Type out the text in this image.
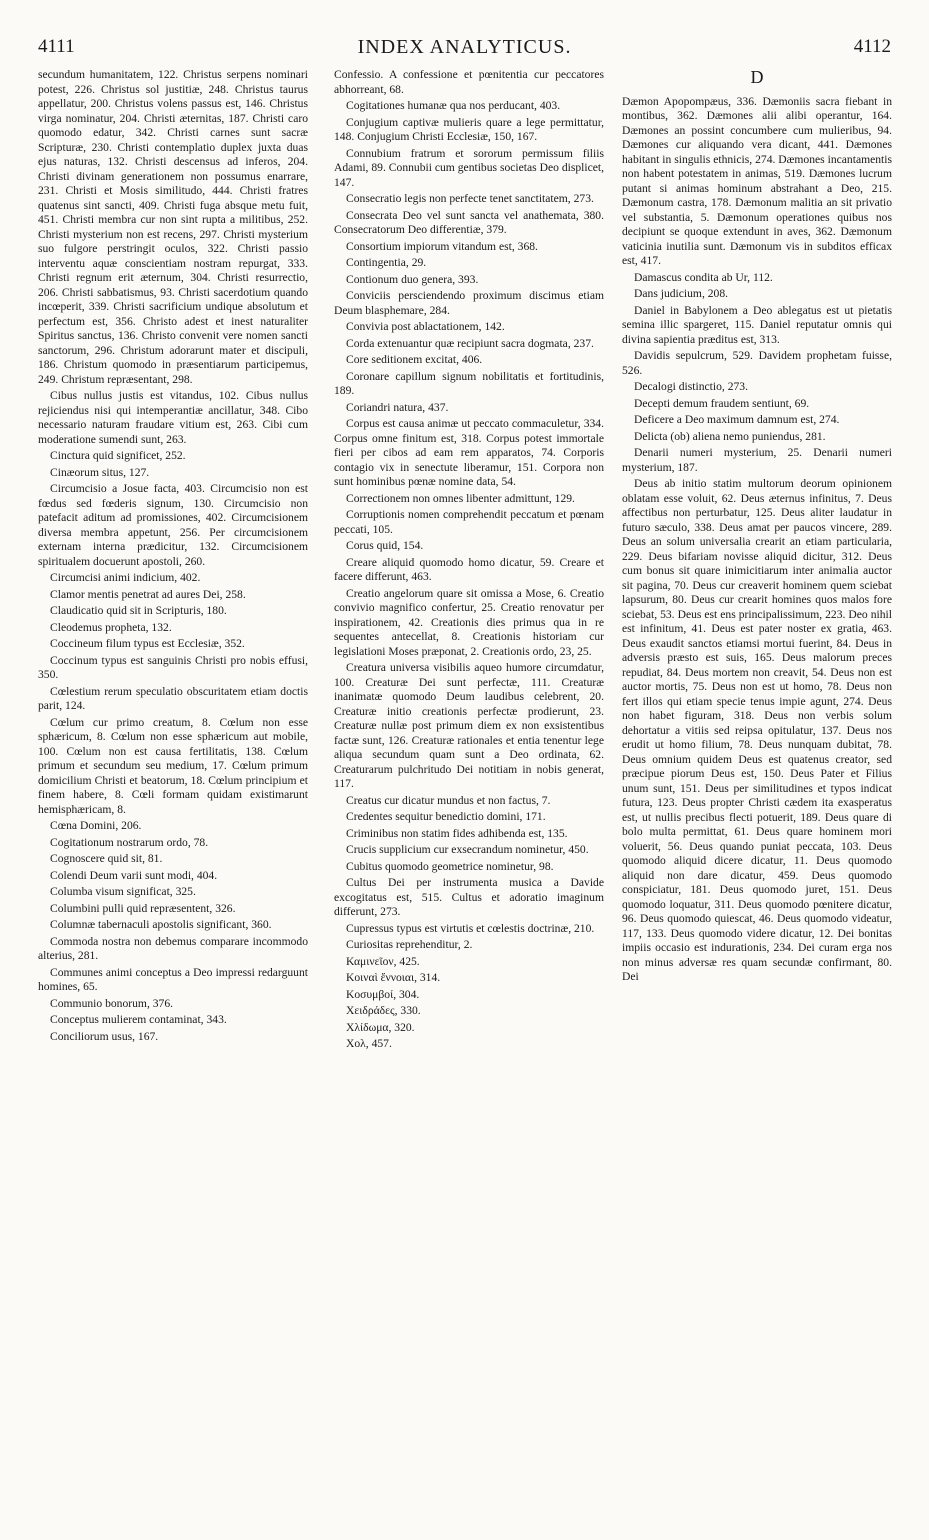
4111	INDEX ANALYTICUS.	4112

secundum humanitatem, 122. Christus serpens nominari potest, 226. Christus sol justitiæ, 248. Christus taurus appellatur, 200. Christus volens passus est, 146. Christus virga nominatur, 204. Christi æternitas, 187. Christi caro quomodo edatur, 342. Christi carnes sunt sacræ Scripturæ, 230. Christi contemplatio duplex juxta duas ejus naturas, 132. Christi descensus ad inferos, 204. Christi divinam generationem non possumus enarrare, 231. Christi et Mosis similitudo, 444. Christi fratres quatenus sint sancti, 409. Christi fuga absque metu fuit, 451. Christi membra cur non sint rupta a militibus, 252. Christi mysterium non est recens, 297. Christi mysterium suo fulgore perstringit oculos, 322. Christi passio interventu aquæ conscientiam nostram repurgat, 333. Christi regnum erit æternum, 304. Christi resurrectio, 206. Christi sabbatismus, 93. Christi sacerdotium quando incœperit, 339. Christi sacrificium undique absolutum et perfectum est, 356. Christo adest et inest naturaliter Spiritus sanctus, 136. Christo convenit vere nomen sancti sanctorum, 296. Christum adorarunt mater et discipuli, 186. Christum quomodo in præsentiarum participemus, 249. Christum repræsentant, 298.

Cibus nullus justis est vitandus, 102. Cibus nullus rejiciendus nisi qui intemperantiæ ancillatur, 348. Cibo necessario naturam fraudare vitium est, 263. Cibi cum moderatione sumendi sunt, 263.

Cinctura quid significet, 252.

Cinæorum situs, 127.

Circumcisio a Josue facta, 403. Circumcisio non est fœdus sed fœderis signum, 130. Circumcisio non patefacit aditum ad promissiones, 402. Circumcisionem diversa membra appetunt, 256. Per circumcisionem externam interna prædicitur, 132. Circumcisionem spiritualem docuerunt apostoli, 260.

Circumcisi animi indicium, 402.

Clamor mentis penetrat ad aures Dei, 258.

Claudicatio quid sit in Scripturis, 180.

Cleodemus propheta, 132.

Coccineum filum typus est Ecclesiæ, 352.

Coccinum typus est sanguinis Christi pro nobis effusi, 350.

Cœlestium rerum speculatio obscuritatem etiam doctis parit, 124.

Cœlum cur primo creatum, 8. Cœlum non esse sphæricum, 8. Cœlum non esse sphæricum aut mobile, 100. Cœlum non est causa fertilitatis, 138. Cœlum primum et secundum seu medium, 17. Cœlum primum domicilium Christi et beatorum, 18. Cœlum principium et finem habere, 8. Cœli formam quidam existimarunt hemisphæricam, 8.

Cœna Domini, 206.

Cogitationum nostrarum ordo, 78.

Cognoscere quid sit, 81.

Colendi Deum varii sunt modi, 404.

Columba visum significat, 325.

Columbini pulli quid repræsentent, 326.

Columnæ tabernaculi apostolis significant, 360.

Commoda nostra non debemus comparare incommodo alterius, 281.

Communes animi conceptus a Deo impressi redarguunt homines, 65.

Communio bonorum, 376.

Conceptus mulierem contaminat, 343.

Conciliorum usus, 167.

Confessio. A confessione et pœnitentia cur peccatores abhorreant, 68.

Cogitationes humanæ qua nos perducant, 403.

Conjugium captivæ mulieris quare a lege permittatur, 148. Conjugium Christi Ecclesiæ, 150, 167.

Connubium fratrum et sororum permissum filiis Adami, 89. Connubii cum gentibus societas Deo displicet, 147.

Consecratio legis non perfecte tenet sanctitatem, 273.

Consecrata Deo vel sunt sancta vel anathemata, 380. Consecratorum Deo differentiæ, 379.

Consortium impiorum vitandum est, 368.

Contingentia, 29.

Contionum duo genera, 393.

Conviciis persciendendo proximum discimus etiam Deum blasphemare, 284.

Convivia post ablactationem, 142.

Corda extenuantur quæ recipiunt sacra dogmata, 237.

Core seditionem excitat, 406.

Coronare capillum signum nobilitatis et fortitudinis, 189.

Coriandri natura, 437.

Corpus est causa animæ ut peccato commaculetur, 334. Corpus omne finitum est, 318. Corpus potest immortale fieri per cibos ad eam rem apparatos, 74. Corporis contagio vix in senectute liberamur, 151. Corpora non sunt hominibus pœnæ nomine data, 54.

Correctionem non omnes libenter admittunt, 129.

Corruptionis nomen comprehendit peccatum et pœnam peccati, 105.

Corus quid, 154.

Creare aliquid quomodo homo dicatur, 59. Creare et facere differunt, 463.

Creatio angelorum quare sit omissa a Mose, 6. Creatio convivio magnifico confertur, 25. Creatio renovatur per inspirationem, 42. Creationis dies primus qua in re sequentes antecellat, 8. Creationis historiam cur legislationi Moses præponat, 2. Creationis ordo, 23, 25.

Creatura universa visibilis aqueo humore circumdatur, 100. Creaturæ Dei sunt perfectæ, 111. Creaturæ inanimatæ quomodo Deum laudibus celebrent, 20. Creaturæ initio creationis perfectæ prodierunt, 23. Creaturæ nullæ post primum diem ex non exsistentibus factæ sunt, 126. Creaturæ rationales et entia tenentur lege aliqua secundum quam sunt a Deo ordinata, 62. Creaturarum pulchritudo Dei notitiam in nobis generat, 117.

Creatus cur dicatur mundus et non factus, 7.

Credentes sequitur benedictio domini, 171.

Criminibus non statim fides adhibenda est, 135.

Crucis supplicium cur exsecrandum nominetur, 450.

Cubitus quomodo geometrice nominetur, 98.

Cultus Dei per instrumenta musica a Davide excogitatus est, 515. Cultus et adoratio imaginum differunt, 273.

Cupressus typus est virtutis et cœlestis doctrinæ, 210.

Curiositas reprehenditur, 2.

Καμινεῖον, 425.

Κοιναὶ ἔννοιαι, 314.

Κοσυμβοί, 304.

Χειδράδες, 330.

Χλίδωμα, 320.

Χολ, 457.

D

Dæmon Apopompæus, 336. Dæmoniis sacra fiebant in montibus, 362. Dæmones alii alibi operantur, 164. Dæmones an possint concumbere cum mulieribus, 94. Dæmones cur aliquando vera dicant, 441. Dæmones habitant in singulis ethnicis, 274. Dæmones incantamentis non habent potestatem in animas, 519. Dæmones lucrum putant si animas hominum abstrahant a Deo, 215. Dæmonum castra, 178. Dæmonum malitia an sit privatio vel substantia, 5. Dæmonum operationes quibus nos decipiunt se quoque extendunt in aves, 362. Dæmonum vaticinia inutilia sunt. Dæmonum vis in subditos efficax est, 417.

Damascus condita ab Ur, 112.

Dans judicium, 208.

Daniel in Babylonem a Deo ablegatus est ut pietatis semina illic spargeret, 115. Daniel reputatur omnis qui divina sapientia præditus est, 313.

Davidis sepulcrum, 529. Davidem prophetam fuisse, 526.

Decalogi distinctio, 273.

Decepti demum fraudem sentiunt, 69.

Deficere a Deo maximum damnum est, 274.

Delicta (ob) aliena nemo puniendus, 281.

Denarii numeri mysterium, 25. Denarii numeri mysterium, 187.

Deus ab initio statim multorum deorum opinionem oblatam esse voluit, 62. Deus æternus infinitus, 7. Deus affectibus non perturbatur, 125. Deus aliter laudatur in futuro sæculo, 338. Deus amat per paucos vincere, 289. Deus an solum universalia crearit an etiam particularia, 229. Deus bifariam novisse aliquid dicitur, 312. Deus cum bonus sit quare inimicitiarum inter animalia auctor sit pagina, 70. Deus cur creaverit hominem quem sciebat lapsurum, 80. Deus cur crearit homines quos malos fore sciebat, 53. Deus est ens principalissimum, 223. Deo nihil est infinitum, 41. Deus est pater noster ex gratia, 463. Deus exaudit sanctos etiamsi mortui fuerint, 84. Deus in adversis præsto est suis, 165. Deus malorum preces repudiat, 84. Deus mortem non creavit, 54. Deus non est auctor mortis, 75. Deus non est ut homo, 78. Deus non fert illos qui etiam specie tenus impie agunt, 274. Deus non habet figuram, 318. Deus non verbis solum dehortatur a vitiis sed reipsa opitulatur, 137. Deus nos erudit ut homo filium, 78. Deus nunquam dubitat, 78. Deus omnium quidem Deus est quatenus creator, sed præcipue piorum Deus est, 150. Deus Pater et Filius unum sunt, 151. Deus per similitudines et typos indicat futura, 123. Deus propter Christi cædem ita exasperatus est, ut nullis precibus flecti potuerit, 189. Deus quare di bolo multa permittat, 61. Deus quare hominem mori voluerit, 56. Deus quando puniat peccata, 103. Deus quomodo aliquid dicere dicatur, 11. Deus quomodo aliquid non dare dicatur, 459. Deus quomodo conspiciatur, 181. Deus quomodo juret, 151. Deus quomodo loquatur, 311. Deus quomodo pœnitere dicatur, 96. Deus quomodo quiescat, 46. Deus quomodo videatur, 117, 133. Deus quomodo videre dicatur, 12. Dei bonitas impiis occasio est indurationis, 234. Dei curam erga nos non minus adversæ res quam secundæ confirmant, 80. Dei
